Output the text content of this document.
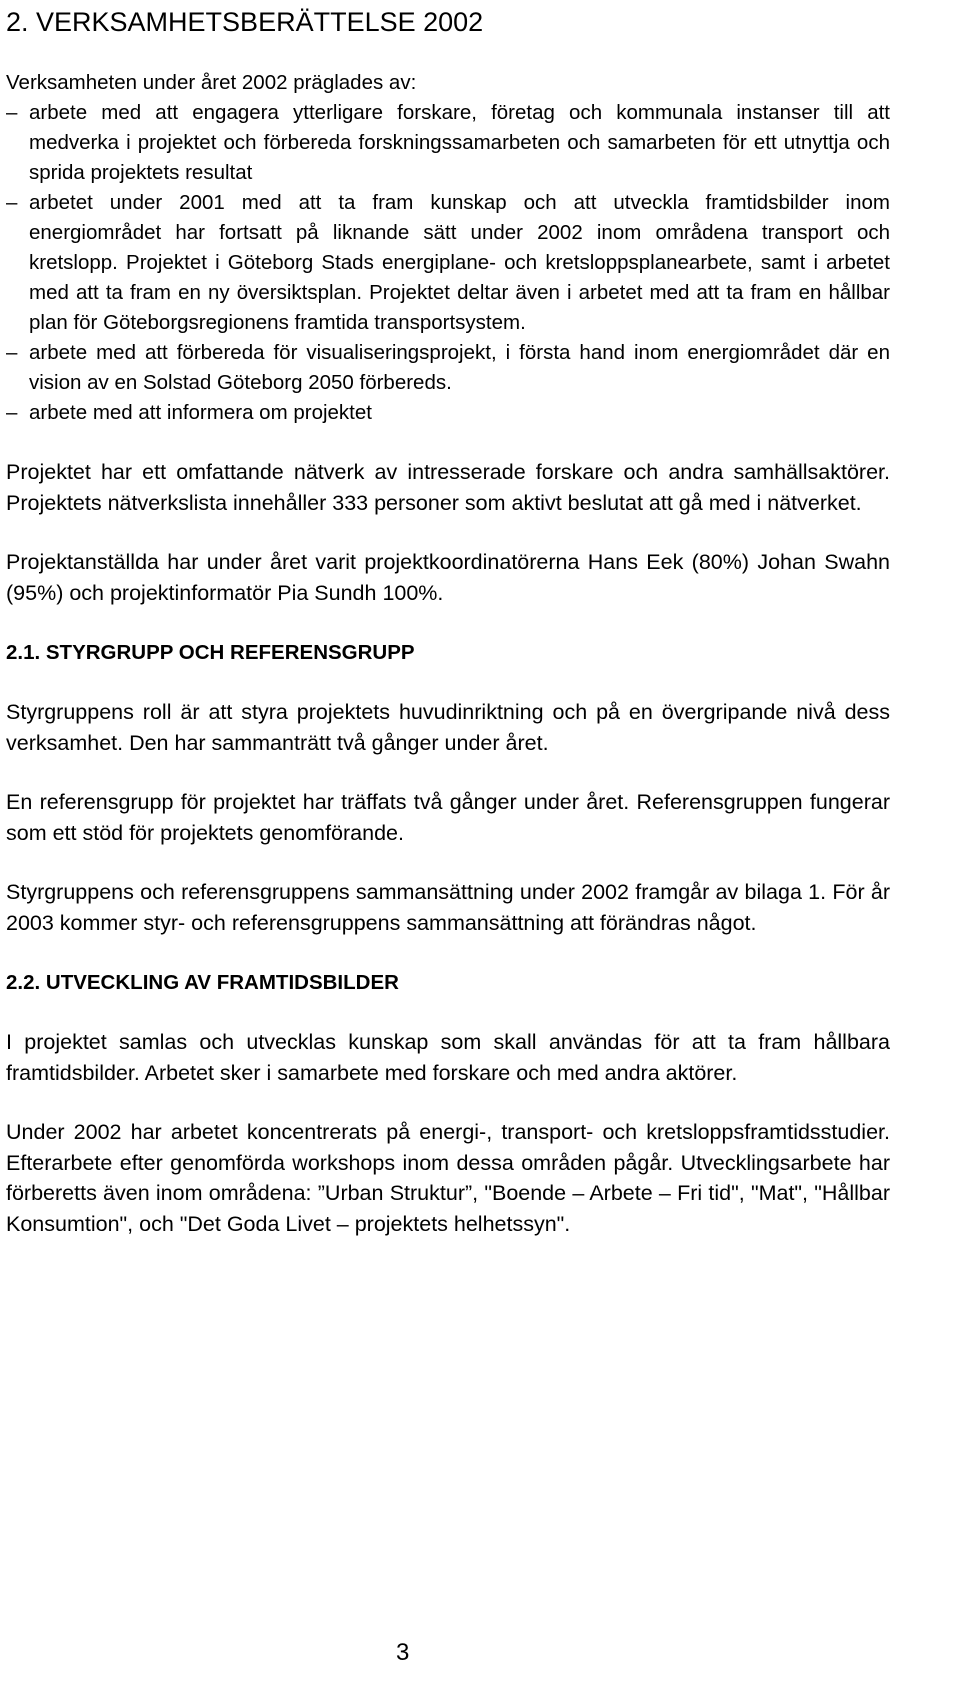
2. VERKSAMHETSBERÄTTELSE 2002

Verksamheten under året 2002 präglades av:

– arbete med att engagera ytterligare forskare, företag och kommunala instanser till att medverka i projektet och förbereda forskningssamarbeten och samarbeten för ett utnyttja och sprida projektets resultat
– arbetet under 2001 med att ta fram kunskap och att utveckla framtidsbilder inom energiområdet har fortsatt på liknande sätt under 2002 inom områdena transport och kretslopp. Projektet i Göteborg Stads energiplane- och kretsloppsplanearbete, samt i arbetet med att ta fram en ny översiktsplan. Projektet deltar även i arbetet med att ta fram en hållbar plan för Göteborgsregionens framtida transportsystem.
– arbete med att förbereda för visualiseringsprojekt, i första hand inom energiområdet där en vision av en Solstad Göteborg 2050 förbereds.
– arbete med att informera om projektet

Projektet har ett omfattande nätverk av intresserade forskare och andra samhällsaktörer. Projektets nätverkslista innehåller 333 personer som aktivt beslutat att gå med i nätverket.

Projektanställda har under året varit projektkoordinatörerna Hans Eek (80%) Johan Swahn (95%) och projektinformatör Pia Sundh 100%.

2.1. STYRGRUPP OCH REFERENSGRUPP

Styrgruppens roll är att styra projektets huvudinriktning och på en övergripande nivå dess verksamhet. Den har sammanträtt två gånger under året.

En referensgrupp för projektet har träffats två gånger under året. Referensgruppen fungerar som ett stöd för projektets genomförande.

Styrgruppens och referensgruppens sammansättning under 2002 framgår av bilaga 1. För år 2003 kommer styr- och referensgruppens sammansättning att förändras något.

2.2. UTVECKLING AV FRAMTIDSBILDER

I projektet samlas och utvecklas kunskap som skall användas för att ta fram hållbara framtidsbilder. Arbetet sker i samarbete med forskare och med andra aktörer.

Under 2002 har arbetet koncentrerats på energi-, transport- och kretsloppsframtidsstudier. Efterarbete efter genomförda workshops inom dessa områden pågår. Utvecklingsarbete har förberetts även inom områdena: ”Urban Struktur”, "Boende – Arbete – Fri tid", "Mat", "Hållbar Konsumtion", och "Det Goda Livet – projektets helhetssyn".

3
